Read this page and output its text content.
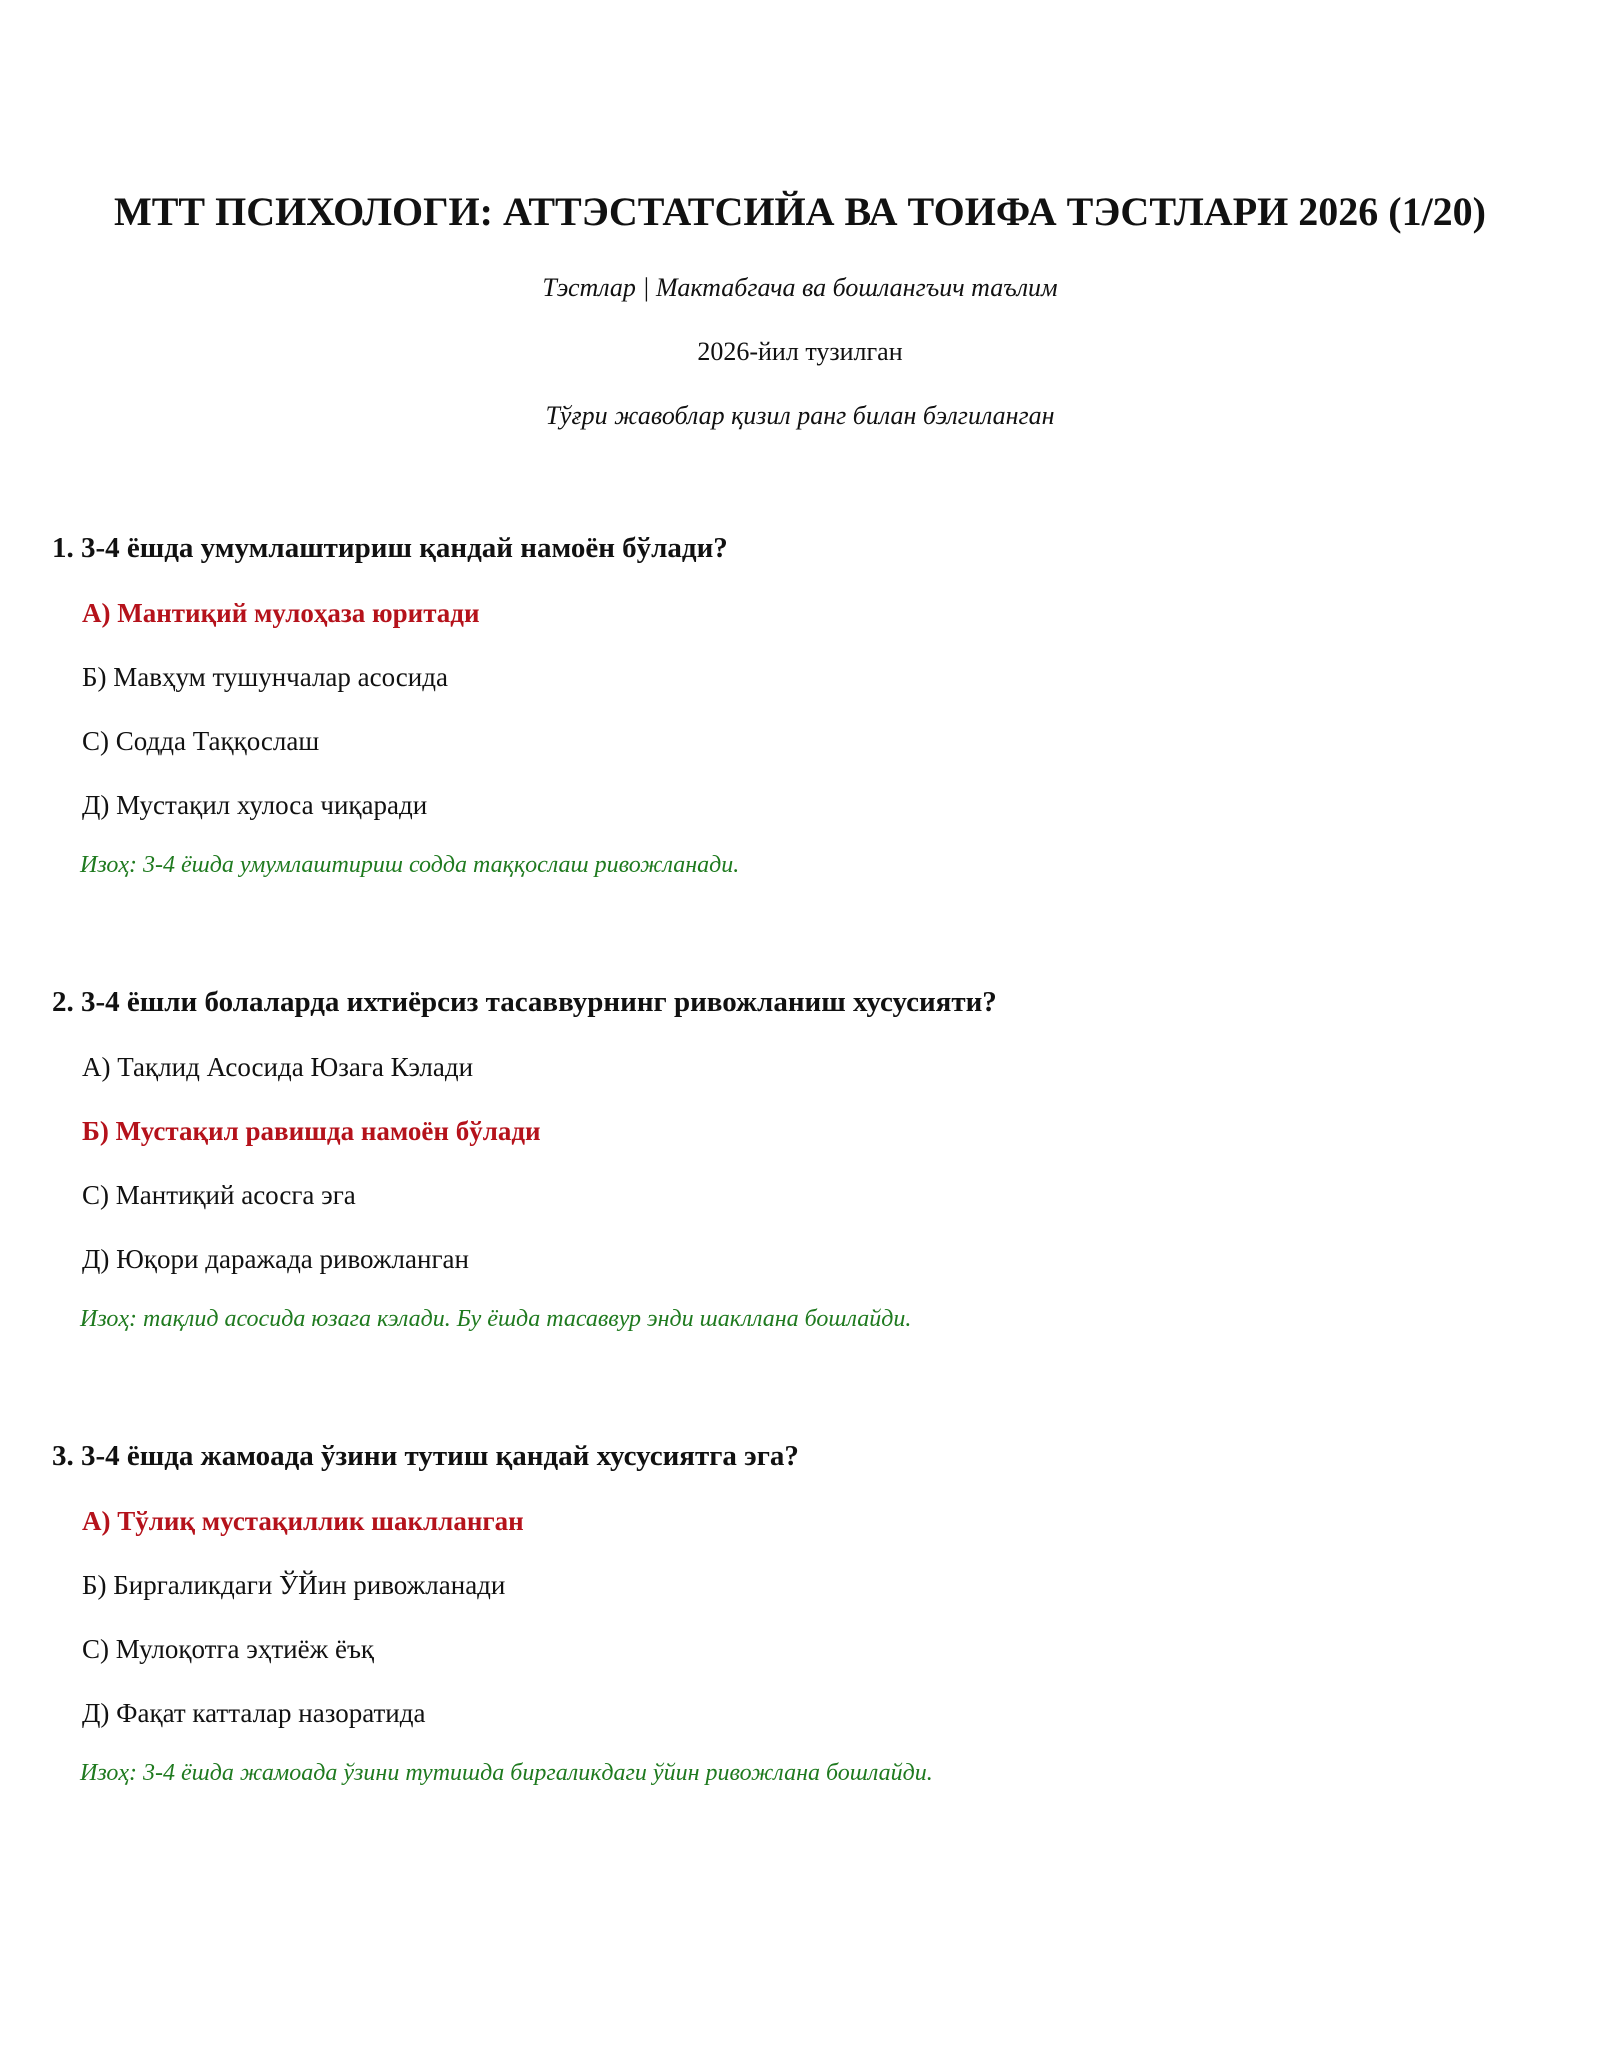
МТТ ПСИХОЛОГИ: АТТЭСТАТСИЙА ВА ТОИФА ТЭСТЛАРИ 2026 (1/20)

Тэстлар | Мактабгача ва бошлангъич таълим

2026-йил тузилган

Тўғри жавоблар қизил ранг билан бэлгиланган

1. 3-4 ёшда умумлаштириш қандай намоён бўлади?

А) Мантиқий мулоҳаза юритади
Б) Мавҳум тушунчалар асосида
С) Содда Таққослаш
Д) Мустақил хулоса чиқаради

Изоҳ: 3-4 ёшда умумлаштириш содда таққослаш ривожланади.

2. 3-4 ёшли болаларда ихтиёрсиз тасаввурнинг ривожланиш хусусияти?

А) Тақлид Асосида Юзага Кэлади
Б) Мустақил равишда намоён бўлади
С) Мантиқий асосга эга
Д) Юқори даражада ривожланган

Изоҳ: тақлид асосида юзага кэлади. Бу ёшда тасаввур энди шакллана бошлайди.

3. 3-4 ёшда жамоада ўзини тутиш қандай хусусиятга эга?

А) Тўлиқ мустақиллик шаклланган
Б) Биргаликдаги ЎЙин ривожланади
С) Мулоқотга эҳтиёж ёъқ
Д) Фақат катталар назоратида

Изоҳ: 3-4 ёшда жамоада ўзини тутишда биргаликдаги ўйин ривожлана бошлайди.
